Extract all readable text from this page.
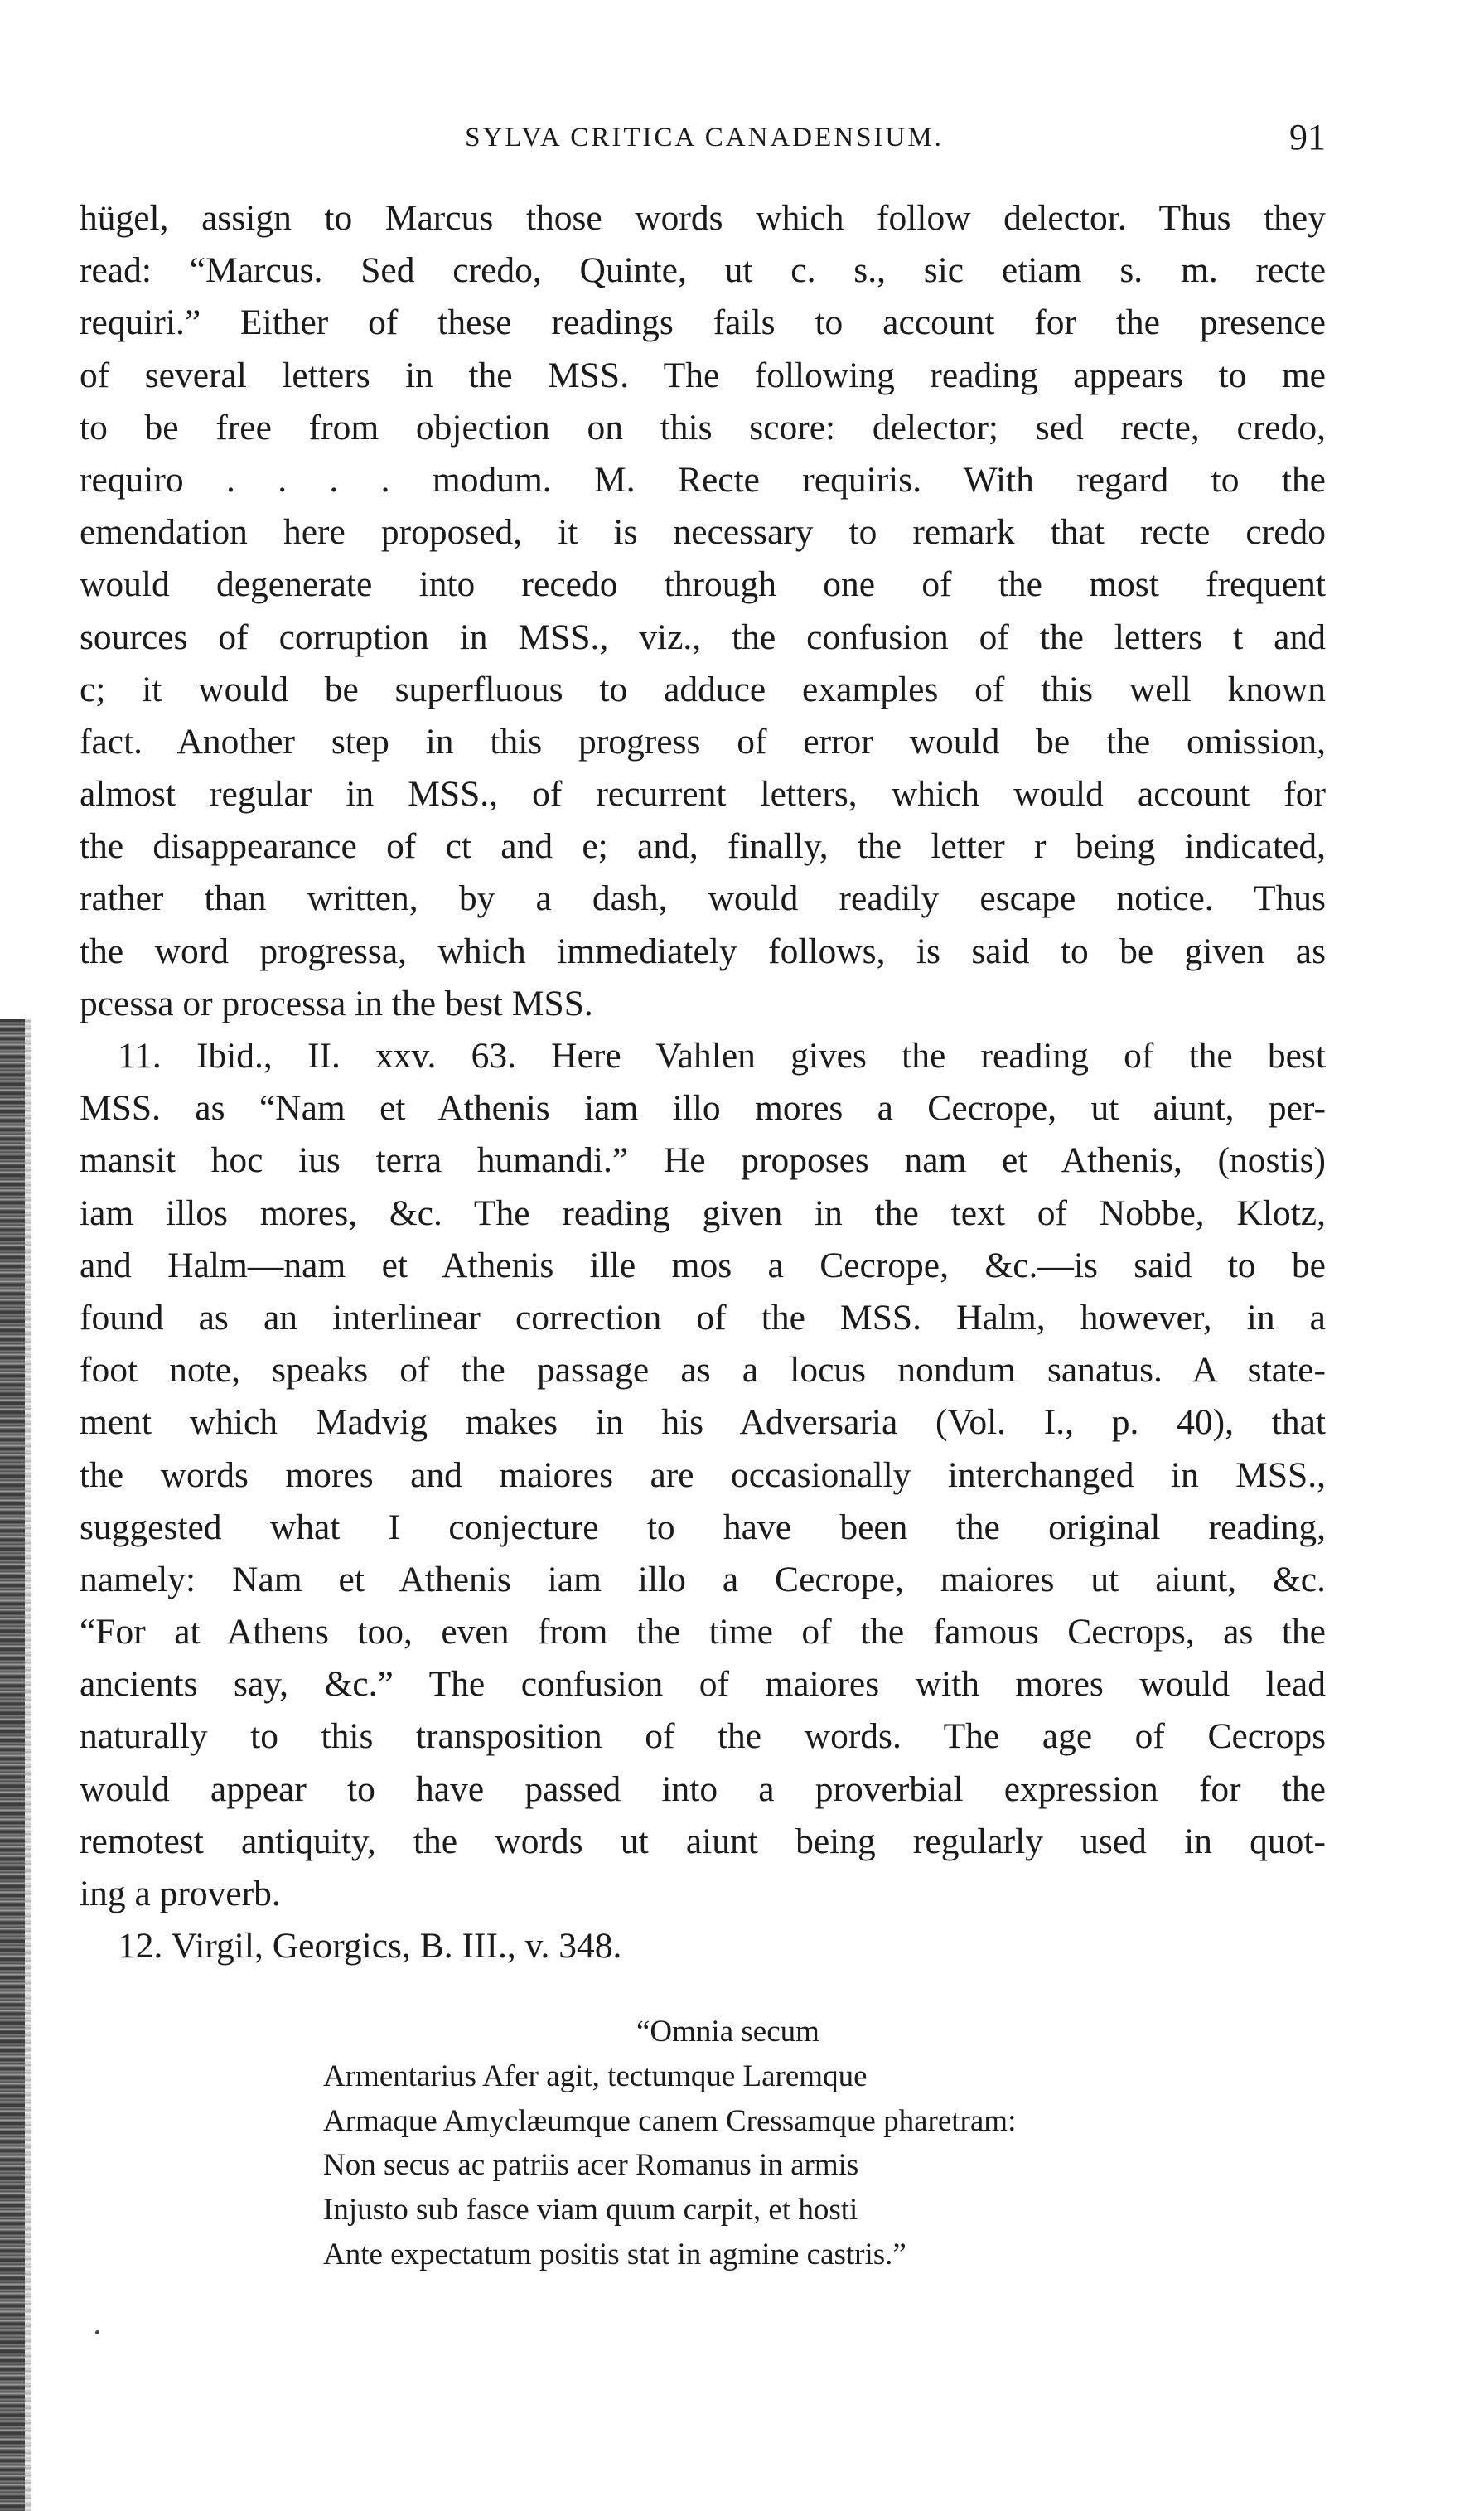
SYLVA CRITICA CANADENSIUM.	91
hügel, assign to Marcus those words which follow delector. Thus they
read: “Marcus. Sed credo, Quinte, ut c. s., sic etiam s. m. recte
requiri.” Either of these readings fails to account for the presence
of several letters in the MSS. The following reading appears to me
to be free from objection on this score: delector; sed recte, credo,
requiro . . . . modum. M. Recte requiris. With regard to the
emendation here proposed, it is necessary to remark that recte credo
would degenerate into recedo through one of the most frequent
sources of corruption in MSS., viz., the confusion of the letters t and
c; it would be superfluous to adduce examples of this well known
fact. Another step in this progress of error would be the omission,
almost regular in MSS., of recurrent letters, which would account for
the disappearance of ct and e; and, finally, the letter r being indicated,
rather than written, by a dash, would readily escape notice. Thus
the word progressa, which immediately follows, is said to be given as
pcessa or processa in the best MSS.
11. Ibid., II. xxv. 63. Here Vahlen gives the reading of the best
MSS. as “Nam et Athenis iam illo mores a Cecrope, ut aiunt, per-
mansit hoc ius terra humandi.” He proposes nam et Athenis, (nostis)
iam illos mores, &c. The reading given in the text of Nobbe, Klotz,
and Halm—nam et Athenis ille mos a Cecrope, &c.—is said to be
found as an interlinear correction of the MSS. Halm, however, in a
foot note, speaks of the passage as a locus nondum sanatus. A state-
ment which Madvig makes in his Adversaria (Vol. I., p. 40), that
the words mores and maiores are occasionally interchanged in MSS.,
suggested what I conjecture to have been the original reading,
namely: Nam et Athenis iam illo a Cecrope, maiores ut aiunt, &c.
“For at Athens too, even from the time of the famous Cecrops, as the
ancients say, &c.” The confusion of maiores with mores would lead
naturally to this transposition of the words. The age of Cecrops
would appear to have passed into a proverbial expression for the
remotest antiquity, the words ut aiunt being regularly used in quot-
ing a proverb.
12. Virgil, Georgics, B. III., v. 348.
“Omnia secum
Armentarius Afer agit, tectumque Laremque
Armaque Amyclæumque canem Cressamque pharetram:
Non secus ac patriis acer Romanus in armis
Injusto sub fasce viam quum carpit, et hosti
Ante expectatum positis stat in agmine castris.”
